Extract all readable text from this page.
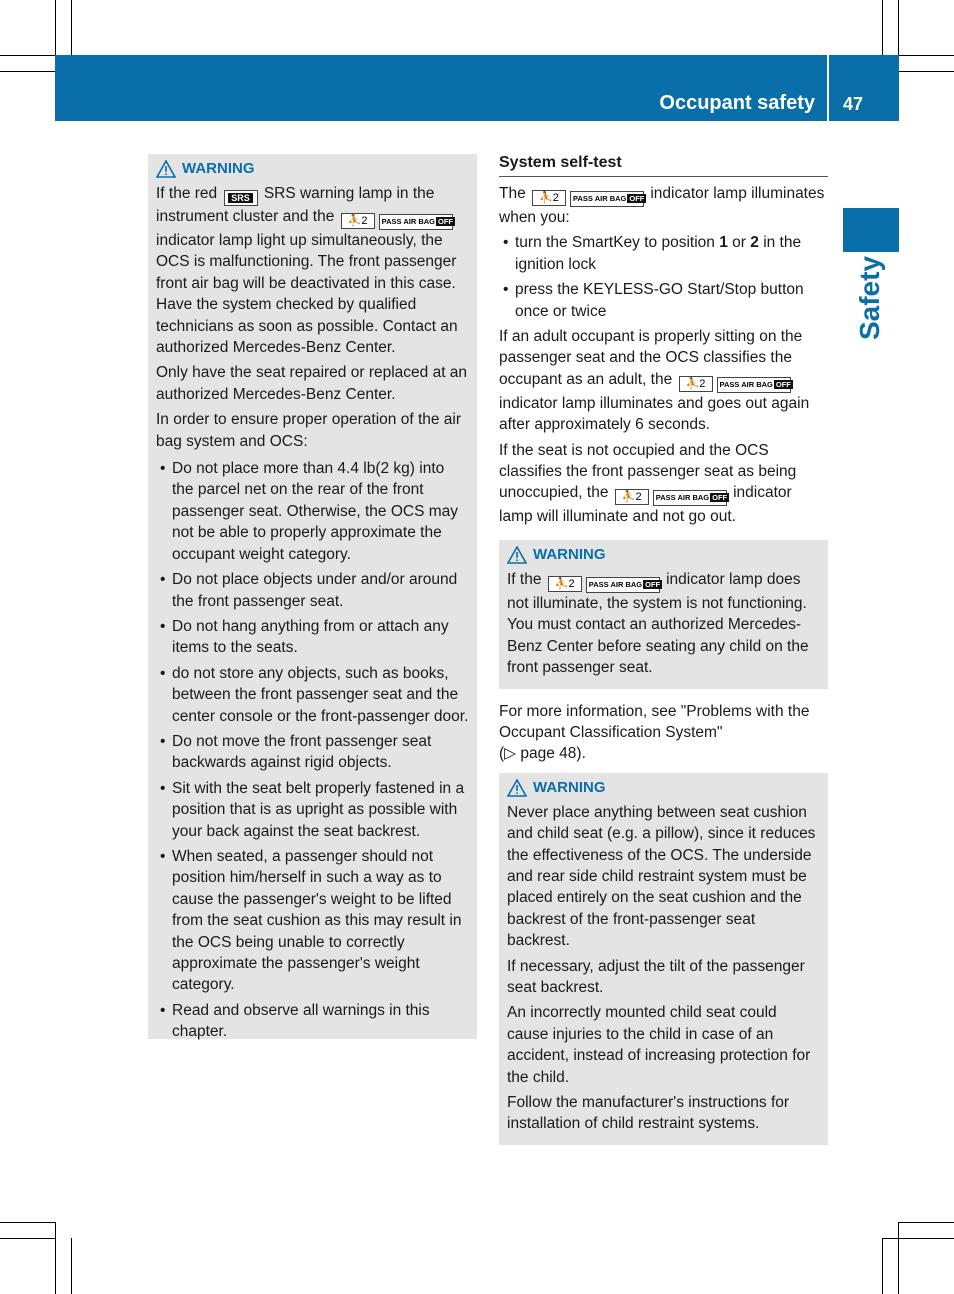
Occupant safety 47
Safety
WARNING

If the red SRS SRS warning lamp in the instrument cluster and the ⛹2 PASS AIR BAG OFF indicator lamp light up simultaneously, the OCS is malfunctioning. The front passenger front air bag will be deactivated in this case. Have the system checked by qualified technicians as soon as possible. Contact an authorized Mercedes-Benz Center.

Only have the seat repaired or replaced at an authorized Mercedes-Benz Center.

In order to ensure proper operation of the air bag system and OCS:

• Do not place more than 4.4 lb(2 kg) into the parcel net on the rear of the front passenger seat. Otherwise, the OCS may not be able to properly approximate the occupant weight category.
• Do not place objects under and/or around the front passenger seat.
• Do not hang anything from or attach any items to the seats.
• do not store any objects, such as books, between the front passenger seat and the center console or the front-passenger door.
• Do not move the front passenger seat backwards against rigid objects.
• Sit with the seat belt properly fastened in a position that is as upright as possible with your back against the seat backrest.
• When seated, a passenger should not position him/herself in such a way as to cause the passenger's weight to be lifted from the seat cushion as this may result in the OCS being unable to correctly approximate the passenger's weight category.
• Read and observe all warnings in this chapter.
System self-test

The ⛹2 PASS AIR BAG OFF indicator lamp illuminates when you:

• turn the SmartKey to position 1 or 2 in the ignition lock
• press the KEYLESS-GO Start/Stop button once or twice

If an adult occupant is properly sitting on the passenger seat and the OCS classifies the occupant as an adult, the ⛹2 PASS AIR BAG OFF indicator lamp illuminates and goes out again after approximately 6 seconds.

If the seat is not occupied and the OCS classifies the front passenger seat as being unoccupied, the ⛹2 PASS AIR BAG OFF indicator lamp will illuminate and not go out.

WARNING

If the ⛹2 PASS AIR BAG OFF indicator lamp does not illuminate, the system is not functioning. You must contact an authorized Mercedes-Benz Center before seating any child on the front passenger seat.

For more information, see "Problems with the Occupant Classification System"
(▷ page 48).

WARNING

Never place anything between seat cushion and child seat (e.g. a pillow), since it reduces the effectiveness of the OCS. The underside and rear side child restraint system must be placed entirely on the seat cushion and the backrest of the front-passenger seat backrest.

If necessary, adjust the tilt of the passenger seat backrest.

An incorrectly mounted child seat could cause injuries to the child in case of an accident, instead of increasing protection for the child.

Follow the manufacturer's instructions for installation of child restraint systems.
